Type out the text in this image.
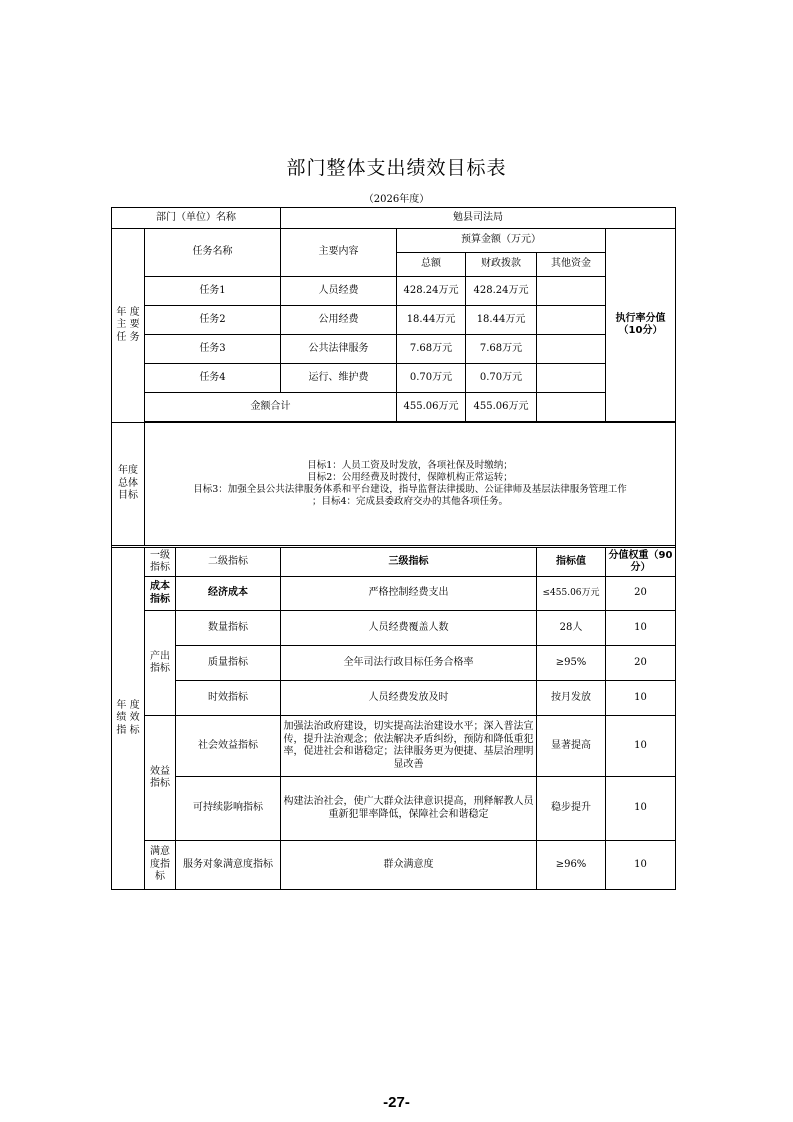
部门整体支出绩效目标表
（2026年度）
部门（单位）名称			勉县司法局					
年 度 主 要 任 务	任务名称		主要内容	预算金额（万元）			执行率分值（10分）	
				总额	财政拨款	其他资金		
	任务1		人员经费	428.24万元	428.24万元			
	任务2		公用经费	18.44万元	18.44万元			
	任务3		公共法律服务	7.68万元	7.68万元			
	任务4		运行、维护费	0.70万元	0.70万元			
	金额合计			455.06万元	455.06万元			

年度总体目标	目标1：人员工资及时发放，各项社保及时缴纳；
目标2：公用经费及时拨付，保障机构正常运转；
目标3：加强全县公共法律服务体系和平台建设，指导监督法律援助、公证律师及基层法律服务管理工作
；目标4：完成县委政府交办的其他各项任务。							

年 度 绩 效 指 标	一级指标	二级指标	三级指标			指标值	分值权重（90分）	
	成本指标	经济成本	严格控制经费支出			≤455.06万元	20	
	产出指标	数量指标	人员经费覆盖人数			28人	10	
		质量指标	全年司法行政目标任务合格率			≥95%	20	
		时效指标	人员经费发放及时			按月发放	10	
	效益指标	社会效益指标	加强法治政府建设，切实提高法治建设水平；深入普法宣传，提升法治观念；依法解决矛盾纠纷，预防和降低重犯率，促进社会和谐稳定；法律服务更为便捷、基层治理明显改善			显著提高	10	
		可持续影响指标	构建法治社会，使广大群众法律意识提高，刑释解教人员重新犯罪率降低，保障社会和谐稳定			稳步提升	10	
	满意度指标	服务对象满意度指标	群众满意度			≥96%	10	
-27-
